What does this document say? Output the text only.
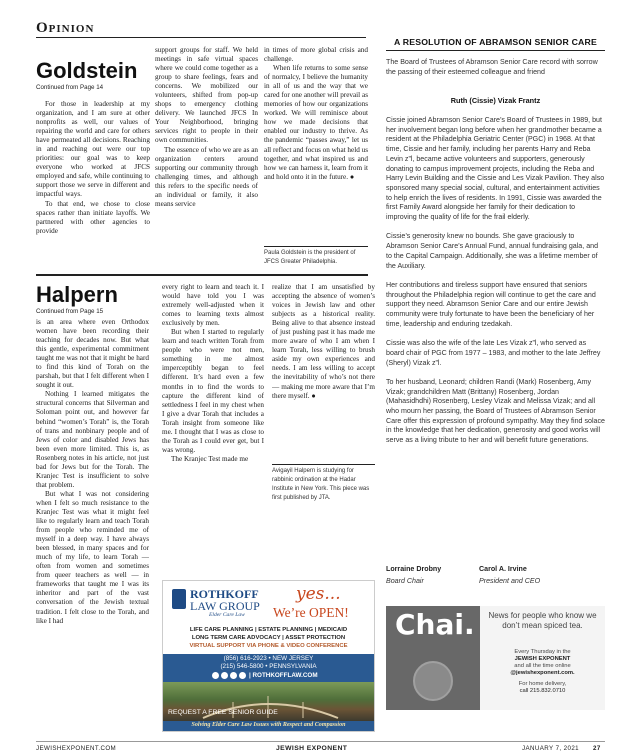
Opinion
Goldstein
Continued from Page 14

For those in leadership at my organization, and I am sure at other nonprofits as well, our values of repairing the world and care for others have permeated all decisions. Reaching in and reaching out were our top priorities: our goal was to keep everyone who worked at JFCS employed and safe, while continuing to support those we serve in different and impactful ways.

To that end, we chose to close spaces rather than initiate layoffs. We partnered with other agencies to provide

support groups for staff. We held meetings in safe virtual spaces where we could come together as a group to share feelings, fears and concerns. We mobilized our volunteers, shifted from pop-up shops to emergency clothing delivery. We launched JFCS In Your Neighborhood, bringing services right to people in their own communities.

The essence of who we are as an organization centers around supporting our community through challenging times, and although this refers to the specific needs of an individual or family, it also means service

in times of more global crisis and challenge.

When life returns to some sense of normalcy, I believe the humanity in all of us and the way that we cared for one another will prevail as memories of how our organizations worked. We will reminisce about how we made decisions that enabled our industry to thrive. As the pandemic “passes away,” let us all reflect and focus on what held us together, and what inspired us and how we can harness it, learn from it and hold onto it in the future. ●

Paula Goldstein is the president of JFCS Greater Philadelphia.
Halpern
Continued from Page 15

is an area where even Orthodox women have been recording their teaching for decades now. But what this gentle, experimental commitment taught me was not that it might be hard to find this kind of Torah on the parshah, but that I felt different when I sought it out.

Nothing I learned mitigates the structural concerns that Silverman and Soloman point out, and however far behind “women’s Torah” is, the Torah of trans and nonbinary people and of Jews of color and disabled Jews has been even more limited. This is, as Rosenberg notes in his article, not just bad for Jews but for the Torah. The Kranjec Test is insufficient to solve that problem.

But what I was not considering when I felt so much resistance to the Kranjec Test was what it might feel like to regularly learn and teach Torah from people who reminded me of myself in a deep way. I have always been blessed, in many spaces and for much of my life, to learn Torah — often from women and sometimes from queer teachers as well — in frameworks that taught me I was its inheritor and part of the vast conversation of the Jewish textual tradition. I felt close to the Torah, and like I had

every right to learn and teach it. I would have told you I was extremely well-adjusted when it comes to learning texts almost exclusively by men.

But when I started to regularly learn and teach written Torah from people who were not men, something in me almost imperceptibly began to feel different. It’s hard even a few months in to find the words to capture the different kind of settledness I feel in my chest when I give a dvar Torah that includes a Torah insight from someone like me. I thought that I was as close to the Torah as I could ever get, but I was wrong.

The Kranjec Test made me

realize that I am unsatisfied by accepting the absence of women’s voices in Jewish law and other subjects as a historical reality. Being alive to that absence instead of just pushing past it has made me more aware of who I am when I learn Torah, less willing to brush aside my own experiences and needs. I am less willing to accept the inevitability of who’s not there — making me more aware that I’m there myself. ●

Avigayil Halpern is studying for rabbinic ordination at the Hadar Institute in New York. This piece was first published by JTA.
ROTHKOFF
LAW GROUP
Elder Care Law
yes...
We’re OPEN!
LIFE CARE PLANNING | ESTATE PLANNING | MEDICAID
LONG TERM CARE ADVOCACY | ASSET PROTECTION
VIRTUAL SUPPORT VIA PHONE & VIDEO CONFERENCE
(856) 616-2923 • NEW JERSEY
(215) 546-5800 • PENNSYLVANIA
| ROTHKOFFLAW.COM
REQUEST A FREE SENIOR GUIDE
Solving Elder Care Law Issues with Respect and Compassion
A RESOLUTION OF ABRAMSON SENIOR CARE
The Board of Trustees of Abramson Senior Care record with sorrow the passing of their esteemed colleague and friend
Ruth (Cissie) Vizak Frantz

Cissie joined Abramson Senior Care’s Board of Trustees in 1989, but her involvement began long before when her grandmother became a resident at the Philadelphia Geriatric Center (PGC) in 1968. At that time, Cissie and her family, including her parents Harry and Reba Levin z”l, became active volunteers and supporters, generously donating to campus improvement projects, including the Reba and Harry Levin Building and the Cissie and Les Vizak Pavilion. They also sponsored many special social, cultural, and entertainment activities to help enrich the lives of residents. In 1991, Cissie was awarded the first Family Award alongside her family for their dedication to improving the quality of life for the frail elderly.

Cissie’s generosity knew no bounds. She gave graciously to Abramson Senior Care’s Annual Fund, annual fundraising gala, and to the Capital Campaign. Additionally, she was a lifetime member of the Auxiliary.

Her contributions and tireless support have ensured that seniors throughout the Philadelphia region will continue to get the care and support they need. Abramson Senior Care and our entire Jewish community were truly fortunate to have been the beneficiary of her time, leadership and enduring tzedakah.

Cissie was also the wife of the late Les Vizak z”l, who served as board chair of PGC from 1977 – 1983, and mother to the late Jeffrey (Sheryl) Vizak z”l.

To her husband, Leonard; children Randi (Mark) Rosenberg, Amy Vizak; grandchildren Matt (Brittany) Rosenberg, Jordan (Mahasidhdhi) Rosenberg, Lesley Vizak and Melissa Vizak; and all who mourn her passing, the Board of Trustees of Abramson Senior Care offer this expression of profound sympathy. May they find solace in the knowledge that her dedication, generosity and good works will serve as a living tribute to her and will benefit future generations.

Lorraine Drobny
Board Chair
Carol A. Irvine
President and CEO
Chai.	News for people who know we don’t mean spiced tea.
Every Thursday in the
JEWISH EXPONENT
and all the time online
@jewishexponent.com.
For home delivery,
call 215.832.0710
JEWISHEXPONENT.COM	JEWISH EXPONENT	JANUARY 7, 2021 27
